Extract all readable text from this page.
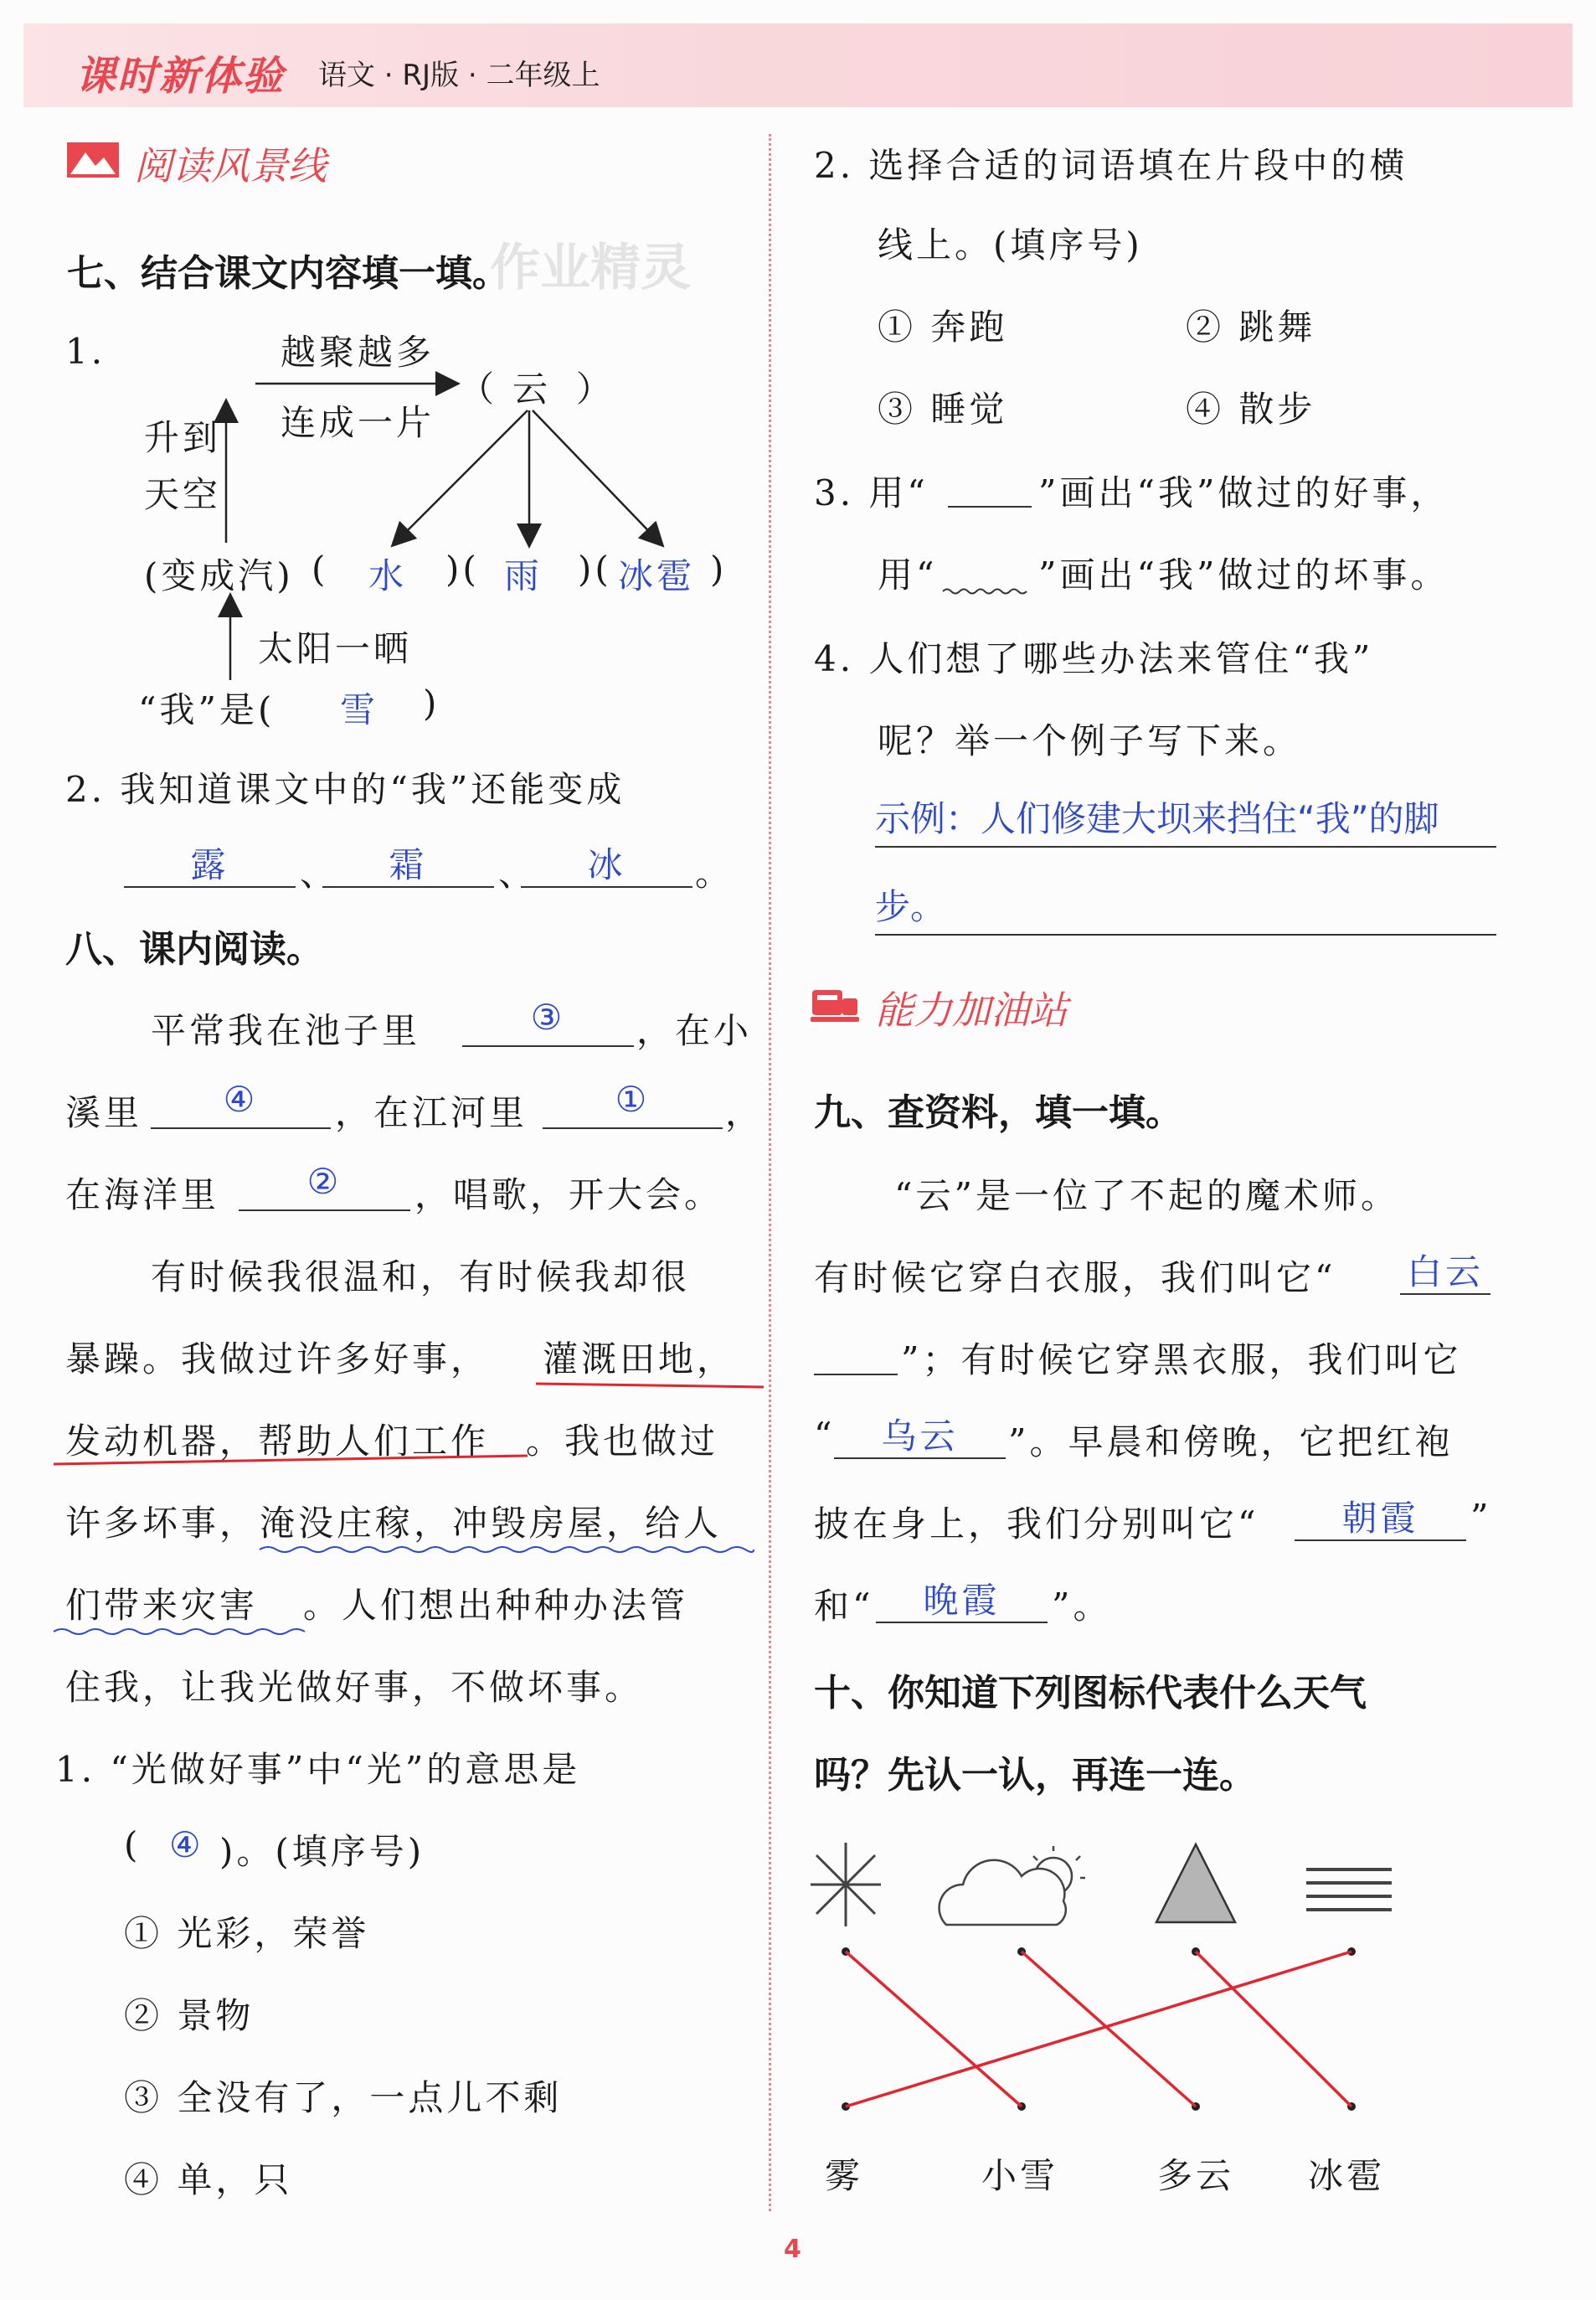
课时新体验 语文 · RJ版 · 二年级上
阅读风景线
七、结合课文内容填一填。
作业精灵
1.	越聚越多
连成一片
（ 云 ）
升到
天空
(变成汽) ( 水 )( 雨 )( 冰雹 )
太阳一晒
“我”是( 雪 )
2. 我知道课文中的“我”还能变成
露	、	霜	、	冰	。
八、课内阅读。
平常我在池子里	③	，在小
溪里	④	，在江河里	①	，
在海洋里	②	，唱歌，开大会。
有时候我很温和，有时候我却很
暴躁。我做过许多好事， 灌溉田地，
发动机器，帮助人们工作 。我也做过
许多坏事， 淹没庄稼，冲毁房屋，给人
们带来灾害 。人们想出种种办法管
住我，让我光做好事，不做坏事。
1. “光做好事”中“光”的意思是
( ④ )。(填序号)
① 光彩，荣誉
② 景物
③ 全没有了，一点儿不剩
④ 单，只
2. 选择合适的词语填在片段中的横
线上。(填序号)
① 奔跑	② 跳舞
③ 睡觉	④ 散步
3. 用“	”画出“我”做过的好事，
用“	”画出“我”做过的坏事。
4. 人们想了哪些办法来管住“我”
呢？举一个例子写下来。
示例：人们修建大坝来挡住“我”的脚
步。
能力加油站
九、查资料，填一填。
“云”是一位了不起的魔术师。
有时候它穿白衣服，我们叫它“ 白云
”；有时候它穿黑衣服，我们叫它
“	乌云	”。早晨和傍晚，它把红袍
披在身上，我们分别叫它“	朝霞	”
和“	晚霞	”。
十、你知道下列图标代表什么天气
吗？先认一认，再连一连。
雾	小雪	多云 冰雹
4
